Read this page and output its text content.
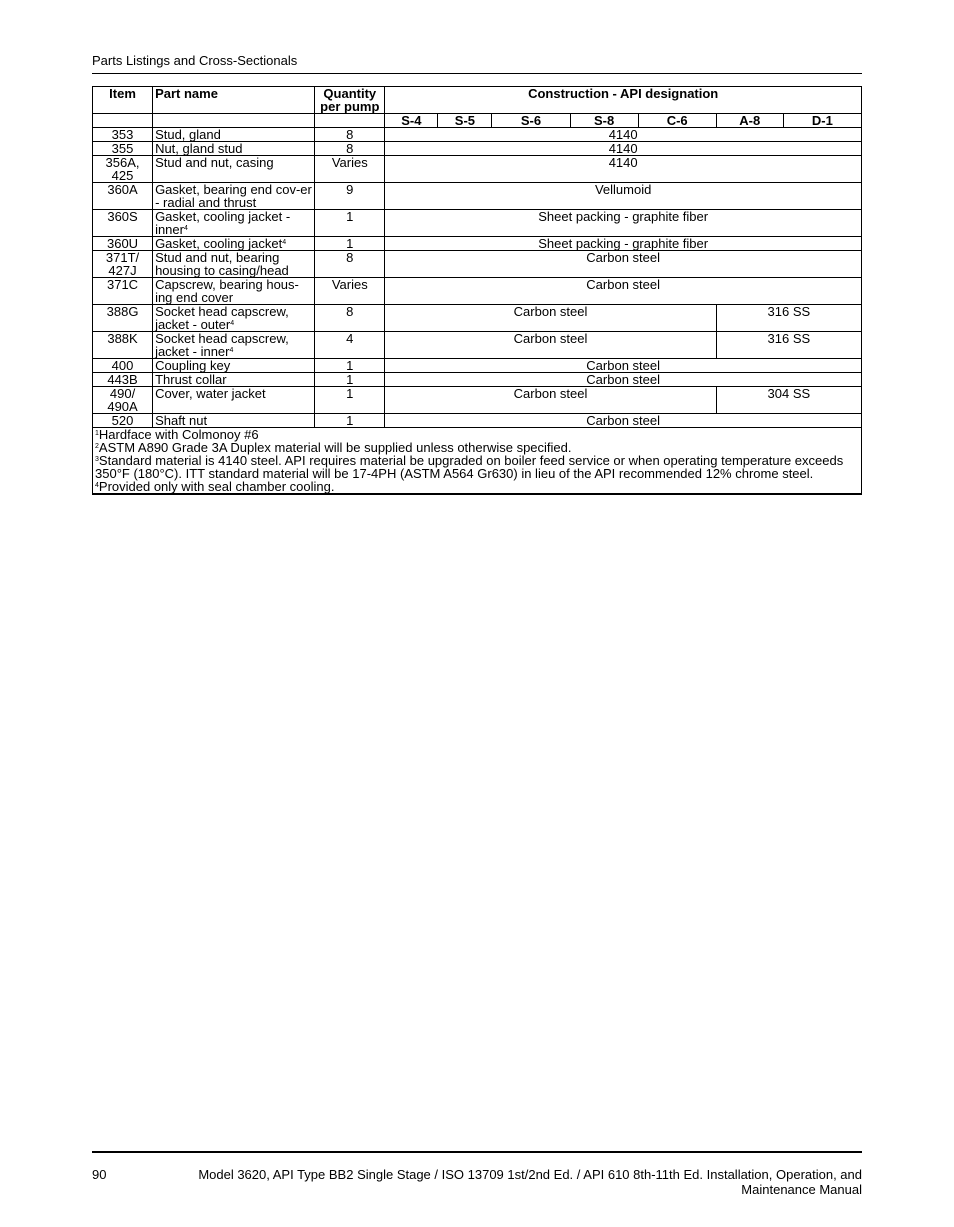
Parts Listings and Cross-Sectionals
Item	Part name	Quantity per pump	Construction - API designation						
			S-4	S-5	S-6	S-8	C-6	A-8	D-1
353	Stud, gland	8	4140						
355	Nut, gland stud	8	4140						
356A, 425	Stud and nut, casing	Varies	4140						
360A	Gasket, bearing end cov-er - radial and thrust	9	Vellumoid						
360S	Gasket, cooling jacket - inner$^4$	1	Sheet packing - graphite fiber						
360U	Gasket, cooling jacket$^4$	1	Sheet packing - graphite fiber						
371T/ 427J	Stud and nut, bearing housing to casing/head	8	Carbon steel						
371C	Capscrew, bearing hous-ing end cover	Varies	Carbon steel						
388G	Socket head capscrew, jacket - outer$^4$	8	Carbon steel					316 SS	
388K	Socket head capscrew, jacket - inner$^4$	4	Carbon steel					316 SS	
400	Coupling key	1	Carbon steel						
443B	Thrust collar	1	Carbon steel						
490/ 490A	Cover, water jacket	1	Carbon steel					304 SS	
520	Shaft nut	1	Carbon steel						

$^1$Hardface with Colmonoy #6
$^2$ASTM A890 Grade 3A Duplex material will be supplied unless otherwise specified.
$^3$Standard material is 4140 steel. API requires material be upgraded on boiler feed service or when operating temperature exceeds 350°F (180°C). ITT standard material will be 17-4PH (ASTM A564 Gr630) in lieu of the API recommended 12% chrome steel.
$^4$Provided only with seal chamber cooling.									

90	Model 3620, API Type BB2 Single Stage / ISO 13709 1st/2nd Ed. / API 610 8th-11th Ed. Installation, Operation, and Maintenance Manual
